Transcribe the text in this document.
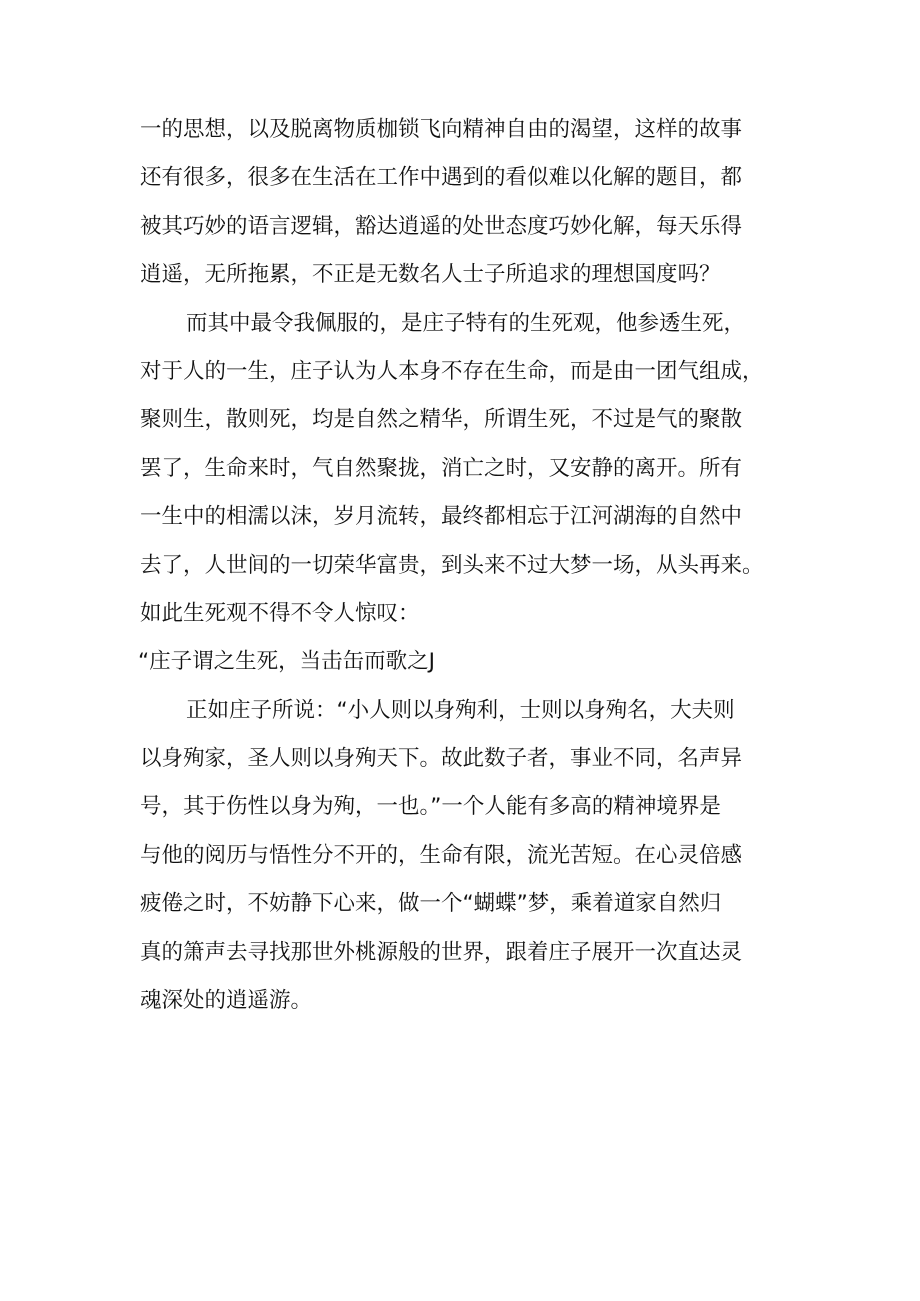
一的思想，以及脱离物质枷锁飞向精神自由的渴望，这样的故事
还有很多，很多在生活在工作中遇到的看似难以化解的题目，都
被其巧妙的语言逻辑，豁达逍遥的处世态度巧妙化解，每天乐得
逍遥，无所拖累，不正是无数名人士子所追求的理想国度吗？
而其中最令我佩服的，是庄子特有的生死观，他参透生死，
对于人的一生，庄子认为人本身不存在生命，而是由一团气组成，
聚则生，散则死，均是自然之精华，所谓生死，不过是气的聚散
罢了，生命来时，气自然聚拢，消亡之时，又安静的离开。所有
一生中的相濡以沫，岁月流转，最终都相忘于江河湖海的自然中
去了，人世间的一切荣华富贵，到头来不过大梦一场，从头再来。
如此生死观不得不令人惊叹：
“庄子谓之生死，当击缶而歌之J
正如庄子所说：“小人则以身殉利，士则以身殉名，大夫则
以身殉家，圣人则以身殉天下。故此数子者，事业不同，名声异
号，其于伤性以身为殉，一也。”一个人能有多高的精神境界是
与他的阅历与悟性分不开的，生命有限，流光苦短。在心灵倍感
疲倦之时，不妨静下心来，做一个“蝴蝶”梦，乘着道家自然归
真的箫声去寻找那世外桃源般的世界，跟着庄子展开一次直达灵
魂深处的逍遥游。
